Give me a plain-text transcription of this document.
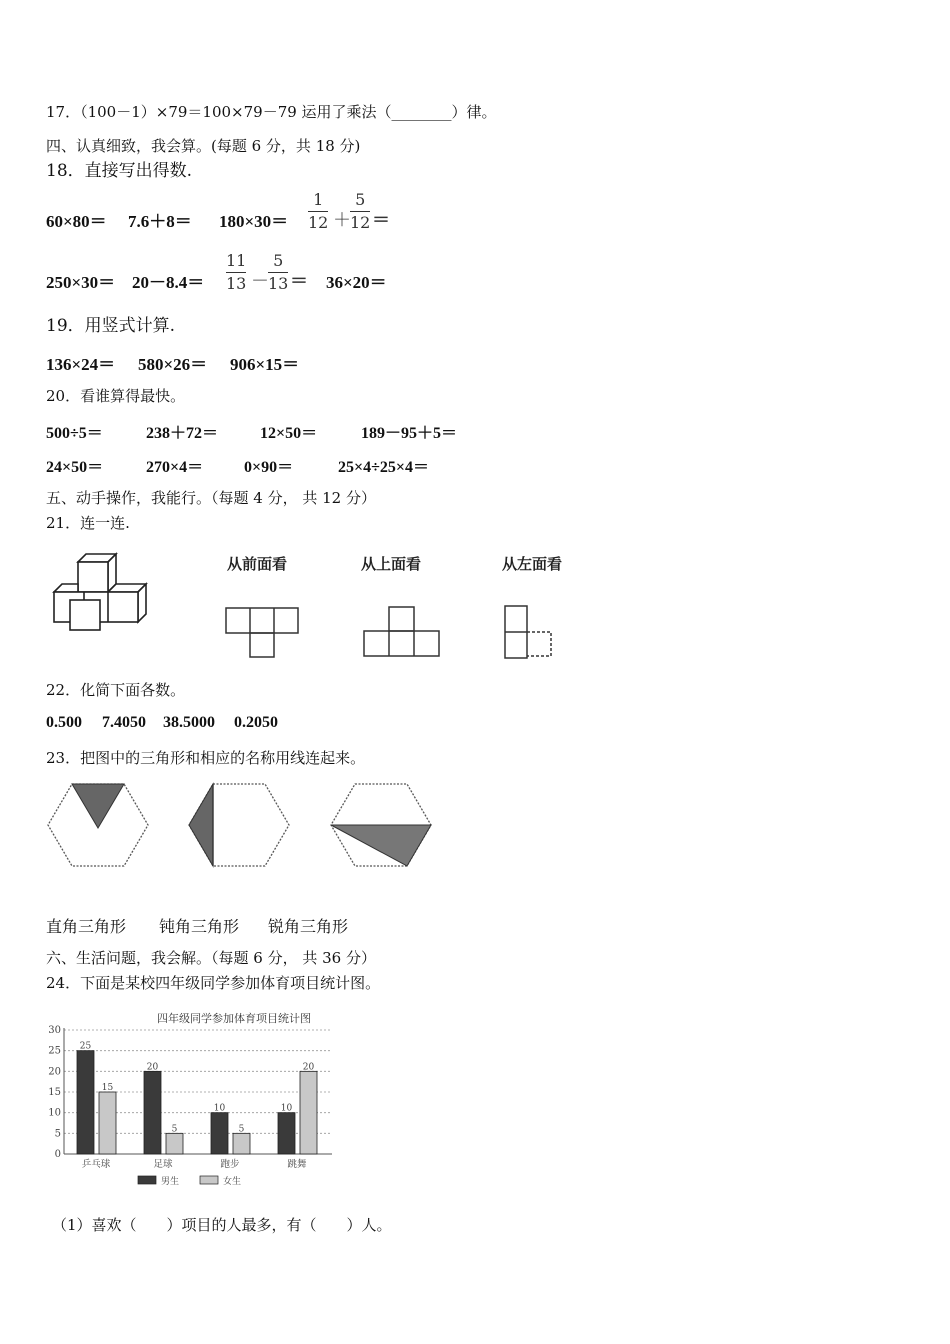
17．（100－1）×79＝100×79－79 运用了乘法（________）律。
四、认真细致，我会算。(每题 6 分，共 18 分)
18．直接写出得数.
60×80＝ 7.6＋8＝ 180×30＝
1
12 ＋
5
12 ＝
250×30＝ 20－8.4＝	36×20＝
11
13 －
5
13 ＝
19．用竖式计算.
136×24＝ 580×26＝ 906×15＝
20．看谁算得最快。
500÷5＝	238＋72＝	12×50＝	189－95＋5＝
24×50＝	270×4＝	0×90＝	25×4÷25×4＝
五、动手操作，我能行。（每题 4 分， 共 12 分）
21．连一连.
从前面看	从上面看	从左面看
22．化简下面各数。
0.500 7.4050 38.5000 0.2050
23．把图中的三角形和相应的名称用线连起来。
直角三角形 钝角三角形 锐角三角形
六、生活问题，我会解。（每题 6 分， 共 36 分）
24．下面是某校四年级同学参加体育项目统计图。
四年级同学参加体育项目统计图
0
5
10
15
20
25
30
25
15
乒乓球
20
5
足球
10
5
跑步
10
20
跳舞
男生	女生
（1）喜欢（　　）项目的人最多，有（　　）人。
